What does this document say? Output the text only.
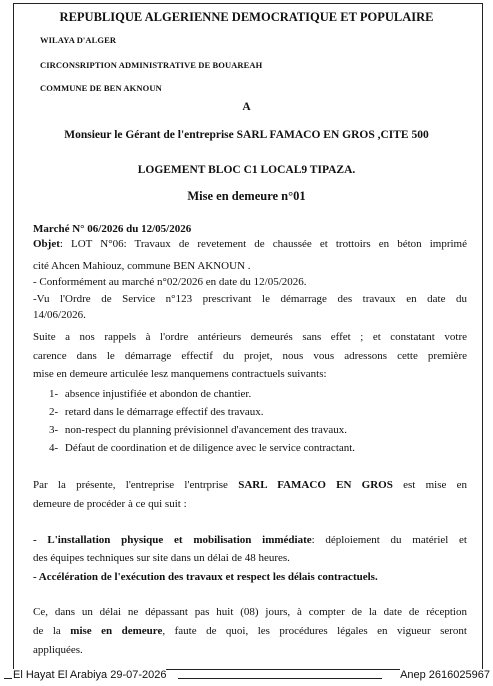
REPUBLIQUE ALGERIENNE DEMOCRATIQUE ET POPULAIRE
WILAYA D'ALGER
CIRCONSRIPTION ADMINISTRATIVE DE BOUAREAH
COMMUNE DE BEN AKNOUN
A
Monsieur le Gérant de l'entreprise SARL FAMACO EN GROS ,CITE 500
LOGEMENT BLOC C1 LOCAL9 TIPAZA.
Mise en demeure n°01
Marché N° 06/2026 du 12/05/2026
Objet: LOT N°06: Travaux de revetement de chaussée et trottoirs en béton imprimé
cité Ahcen Mahiouz, commune BEN AKNOUN .
- Conformément au marché n°02/2026 en date du 12/05/2026.
-Vu l'Ordre de Service n°123 prescrivant le démarrage des travaux en date du
14/06/2026.
Suite a nos rappels à l'ordre antérieurs demeurés sans effet ; et constatant votre
carence dans le démarrage effectif du projet, nous vous adressons cette première
mise en demeure articulée lesz manquemens contractuels suivants:
1- absence injustifiée et abondon de chantier.
2- retard dans le démarrage effectif des travaux.
3- non-respect du planning prévisionnel d'avancement des travaux.
4- Défaut de coordination et de diligence avec le service contractant.
Par la présente, l'entreprise l'entrprise SARL FAMACO EN GROS est mise en
demeure de procéder à ce qui suit :
- L'installation physique et mobilisation immédiate: déploiement du matériel et
des équipes techniques sur site dans un délai de 48 heures.
- Accélération de l'exécution des travaux et respect les délais contractuels.
Ce, dans un délai ne dépassant pas huit (08) jours, à compter de la date de réception
de la mise en demeure, faute de quoi, les procédures légales en vigueur seront
appliquées.
El Hayat El Arabiya 29-07-2026	Anep 2616025967
